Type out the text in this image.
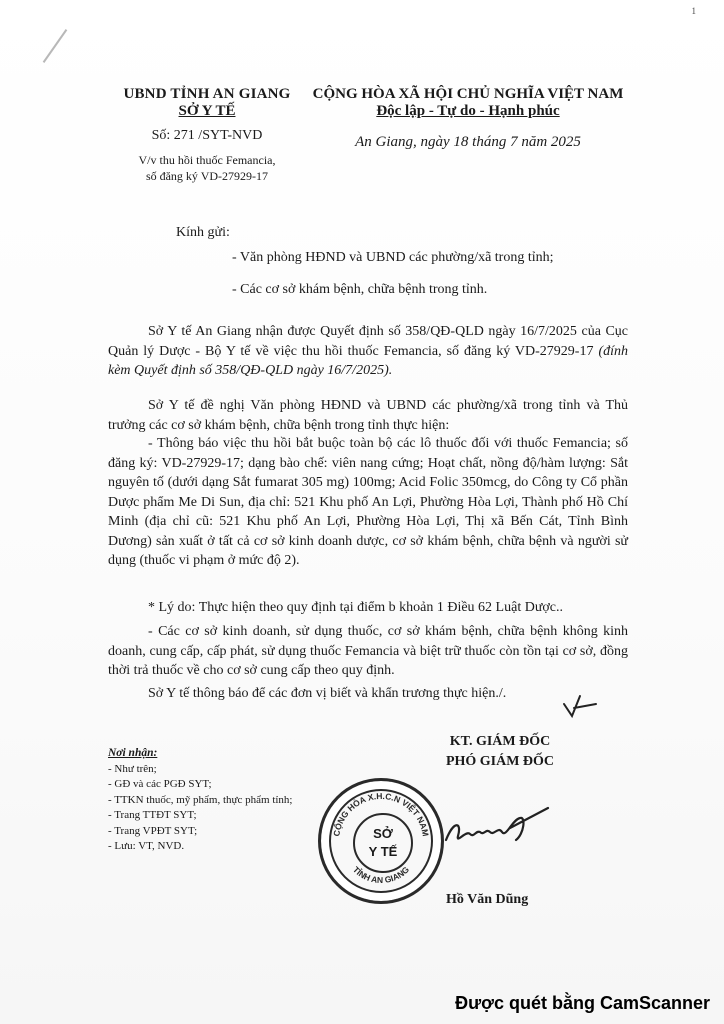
1
UBND TỈNH AN GIANG
SỞ Y TẾ
Số: 271 /SYT-NVD
V/v thu hồi thuốc Femancia,
số đăng ký VD-27929-17
CỘNG HÒA XÃ HỘI CHỦ NGHĨA VIỆT NAM
Độc lập - Tự do - Hạnh phúc
An Giang, ngày 18 tháng 7 năm 2025
Kính gửi:
- Văn phòng HĐND và UBND các phường/xã trong tỉnh;
- Các cơ sở khám bệnh, chữa bệnh trong tỉnh.
Sở Y tế An Giang nhận được Quyết định số 358/QĐ-QLD ngày 16/7/2025 của Cục Quản lý Dược - Bộ Y tế về việc thu hồi thuốc Femancia, số đăng ký VD-27929-17 (đính kèm Quyết định số 358/QĐ-QLD ngày 16/7/2025).
Sở Y tế đề nghị Văn phòng HĐND và UBND các phường/xã trong tỉnh và Thủ trưởng các cơ sở khám bệnh, chữa bệnh trong tỉnh thực hiện:
- Thông báo việc thu hồi bắt buộc toàn bộ các lô thuốc đối với thuốc Femancia; số đăng ký: VD-27929-17; dạng bào chế: viên nang cứng; Hoạt chất, nồng độ/hàm lượng: Sắt nguyên tố (dưới dạng Sắt fumarat 305 mg) 100mg; Acid Folic 350mcg, do Công ty Cổ phần Dược phẩm Me Di Sun, địa chỉ: 521 Khu phố An Lợi, Phường Hòa Lợi, Thành phố Hồ Chí Minh (địa chỉ cũ: 521 Khu phố An Lợi, Phường Hòa Lợi, Thị xã Bến Cát, Tỉnh Bình Dương) sản xuất ở tất cả cơ sở kinh doanh dược, cơ sở khám bệnh, chữa bệnh và người sử dụng (thuốc vi phạm ở mức độ 2).
* Lý do: Thực hiện theo quy định tại điểm b khoản 1 Điều 62 Luật Dược..
- Các cơ sở kinh doanh, sử dụng thuốc, cơ sở khám bệnh, chữa bệnh không kinh doanh, cung cấp, cấp phát, sử dụng thuốc Femancia và biệt trữ thuốc còn tồn tại cơ sở, đồng thời trả thuốc về cho cơ sở cung cấp theo quy định.
Sở Y tế thông báo để các đơn vị biết và khẩn trương thực hiện./.
KT. GIÁM ĐỐC
PHÓ GIÁM ĐỐC
CỘNG HÒA X.H.C.N VIỆT NAM
TỈNH AN GIANG
SỞ
Y TẾ
Hồ Văn Dũng
Nơi nhận:
- Như trên;
- GĐ và các PGĐ SYT;
- TTKN thuốc, mỹ phẩm, thực phẩm tỉnh;
- Trang TTĐT SYT;
- Trang VPĐT SYT;
- Lưu: VT, NVD.
Được quét bằng CamScanner
